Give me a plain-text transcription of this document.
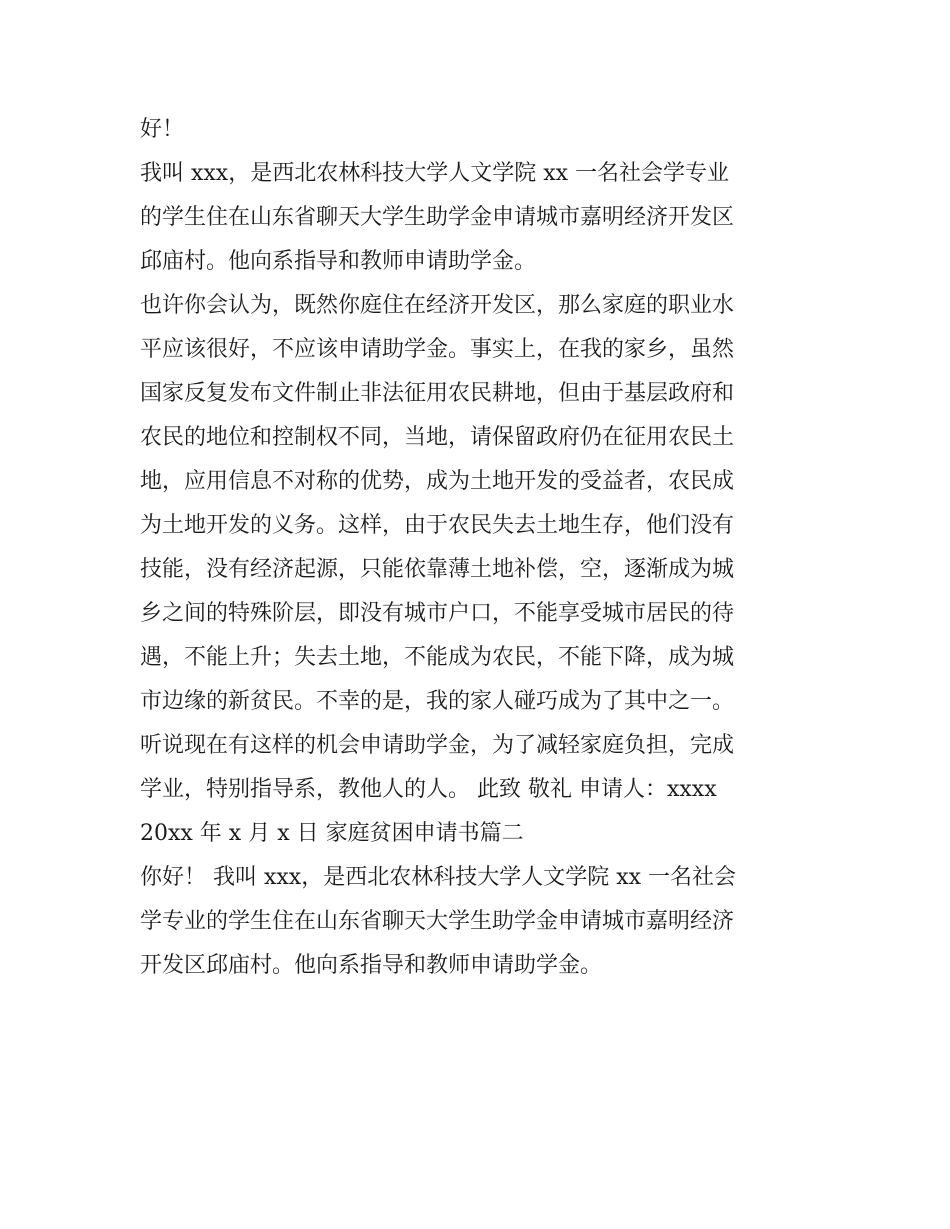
好！
我叫 xxx，是西北农林科技大学人文学院 xx 一名社会学专业
的学生住在山东省聊天大学生助学金申请城市嘉明经济开发区
邱庙村。他向系指导和教师申请助学金。
也许你会认为，既然你庭住在经济开发区，那么家庭的职业水
平应该很好，不应该申请助学金。事实上，在我的家乡，虽然
国家反复发布文件制止非法征用农民耕地，但由于基层政府和
农民的地位和控制权不同，当地，请保留政府仍在征用农民土
地，应用信息不对称的优势，成为土地开发的受益者，农民成
为土地开发的义务。这样，由于农民失去土地生存，他们没有
技能，没有经济起源，只能依靠薄土地补偿，空，逐渐成为城
乡之间的特殊阶层，即没有城市户口，不能享受城市居民的待
遇，不能上升；失去土地，不能成为农民，不能下降，成为城
市边缘的新贫民。不幸的是，我的家人碰巧成为了其中之一。
听说现在有这样的机会申请助学金，为了减轻家庭负担，完成
学业，特别指导系，教他人的人。 此致 敬礼 申请人：xxxx
20xx 年 x 月 x 日 家庭贫困申请书篇二
你好！ 我叫 xxx，是西北农林科技大学人文学院 xx 一名社会
学专业的学生住在山东省聊天大学生助学金申请城市嘉明经济
开发区邱庙村。他向系指导和教师申请助学金。
